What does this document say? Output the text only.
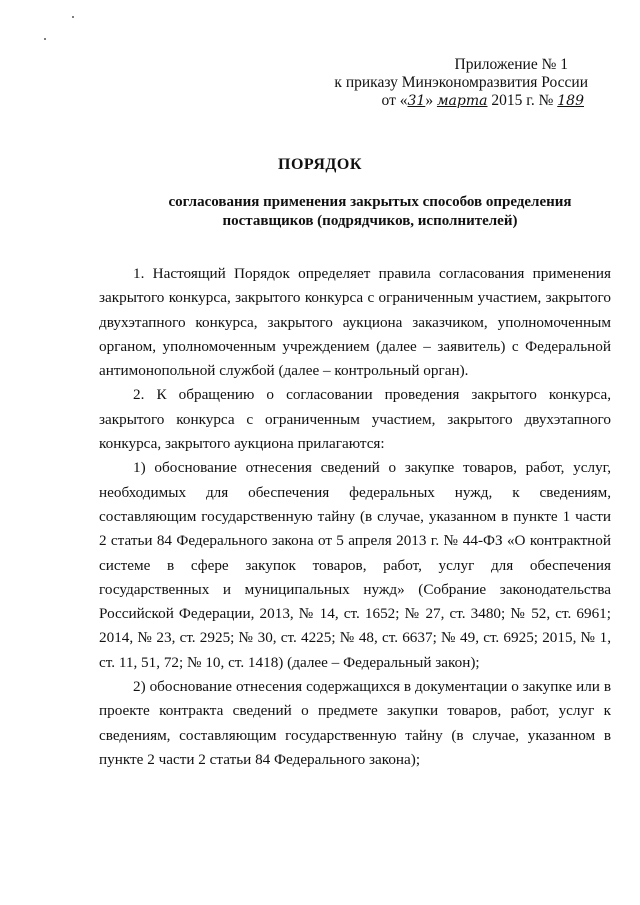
Приложение № 1
к приказу Минэкономразвития России
от «31» марта 2015 г. № 189
ПОРЯДОК
согласования применения закрытых способов определения поставщиков (подрядчиков, исполнителей)

1. Настоящий Порядок определяет правила согласования применения закрытого конкурса, закрытого конкурса с ограниченным участием, закрытого двухэтапного конкурса, закрытого аукциона заказчиком, уполномоченным органом, уполномоченным учреждением (далее – заявитель) с Федеральной антимонопольной службой (далее – контрольный орган).

2. К обращению о согласовании проведения закрытого конкурса, закрытого конкурса с ограниченным участием, закрытого двухэтапного конкурса, закрытого аукциона прилагаются:

1) обоснование отнесения сведений о закупке товаров, работ, услуг, необходимых для обеспечения федеральных нужд, к сведениям, составляющим государственную тайну (в случае, указанном в пункте 1 части 2 статьи 84 Федерального закона от 5 апреля 2013 г. № 44-ФЗ «О контрактной системе в сфере закупок товаров, работ, услуг для обеспечения государственных и муниципальных нужд» (Собрание законодательства Российской Федерации, 2013, № 14, ст. 1652; № 27, ст. 3480; № 52, ст. 6961; 2014, № 23, ст. 2925; № 30, ст. 4225; № 48, ст. 6637; № 49, ст. 6925; 2015, № 1, ст. 11, 51, 72; № 10, ст. 1418) (далее – Федеральный закон);

2) обоснование отнесения содержащихся в документации о закупке или в проекте контракта сведений о предмете закупки товаров, работ, услуг к сведениям, составляющим государственную тайну (в случае, указанном в пункте 2 части 2 статьи 84 Федерального закона);
